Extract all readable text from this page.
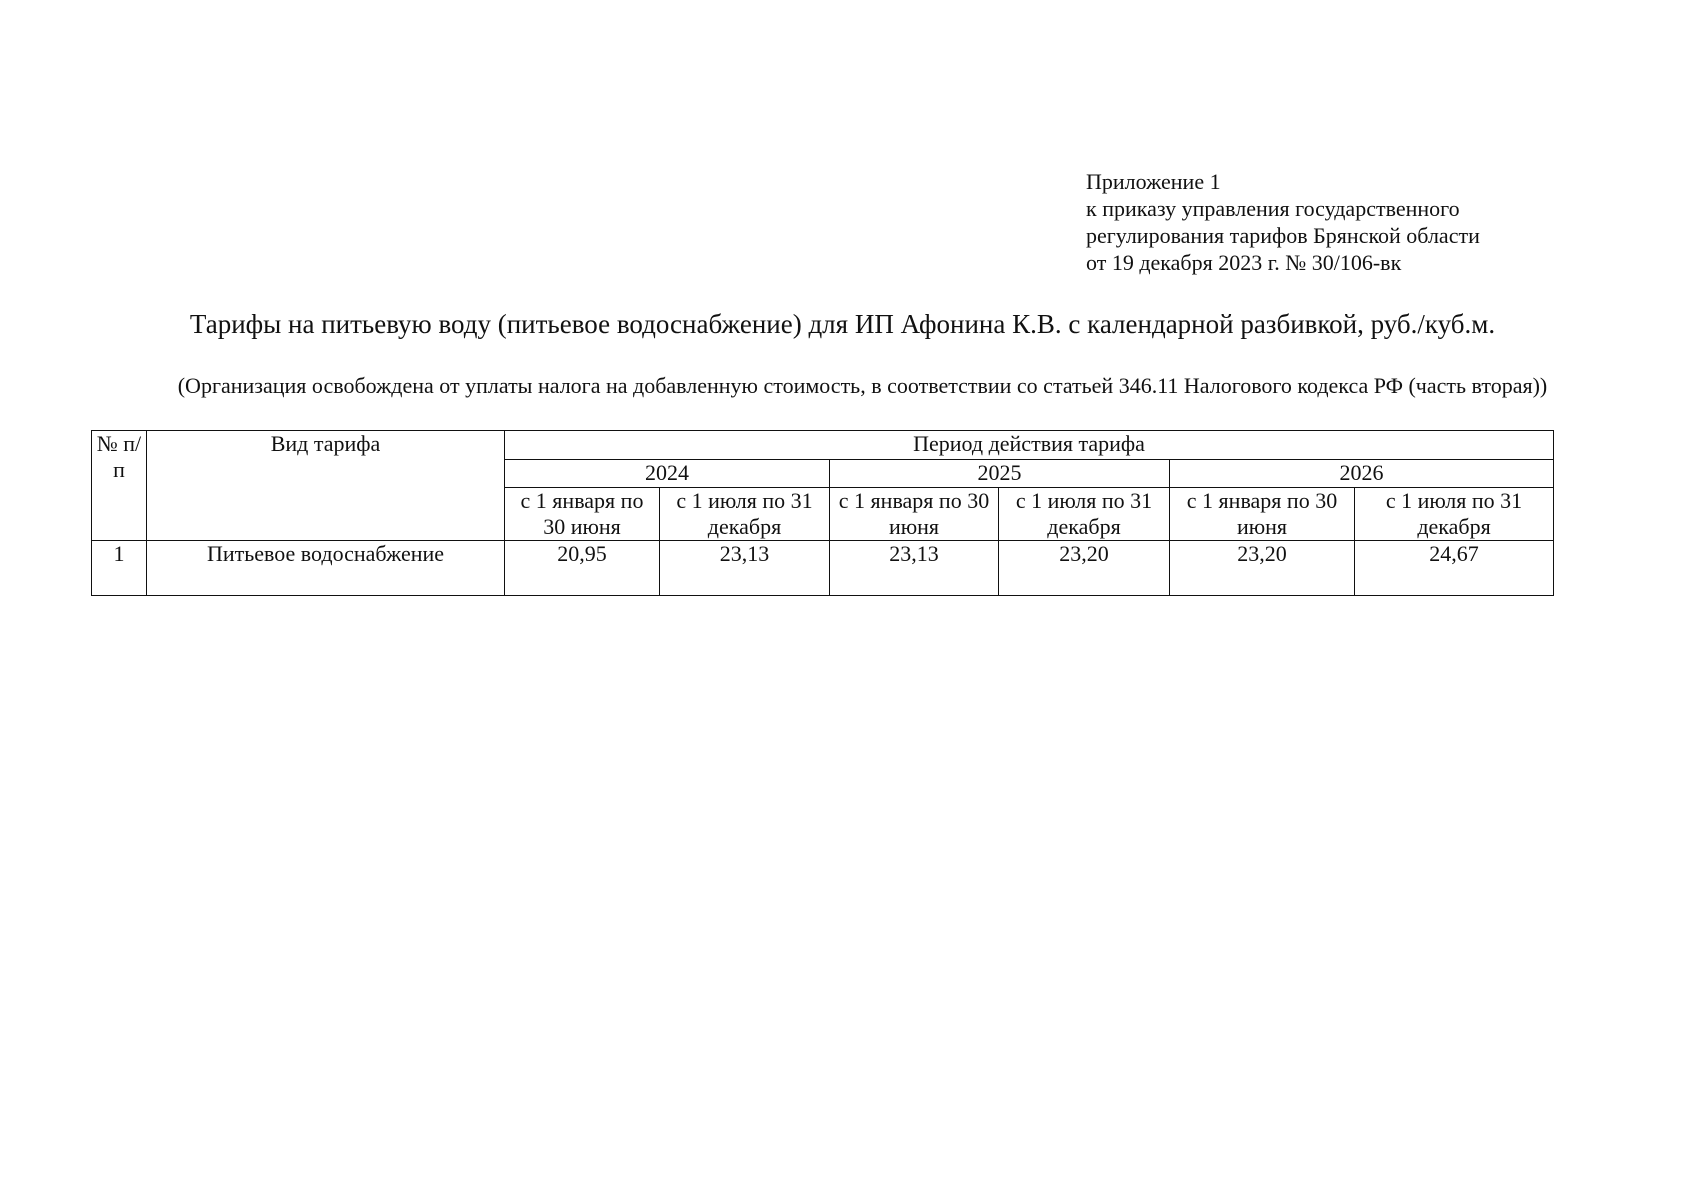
Приложение 1
к приказу управления государственного
регулирования тарифов Брянской области
от 19 декабря 2023 г. № 30/106-вк
Тарифы на питьевую воду (питьевое водоснабжение) для ИП Афонина К.В. с календарной разбивкой, руб./куб.м.
(Организация освобождена от уплаты налога на добавленную стоимость, в соответствии со статьей 346.11 Налогового кодекса РФ (часть вторая))
№ п/п	Вид тарифа	Период действия тарифа					
		2024		2025		2026	
		с 1 января по 30 июня	с 1 июля по 31 декабря	с 1 января по 30 июня	с 1 июля по 31 декабря	с 1 января по 30 июня	с 1 июля по 31 декабря
1	Питьевое водоснабжение	20,95	23,13	23,13	23,20	23,20	24,67
